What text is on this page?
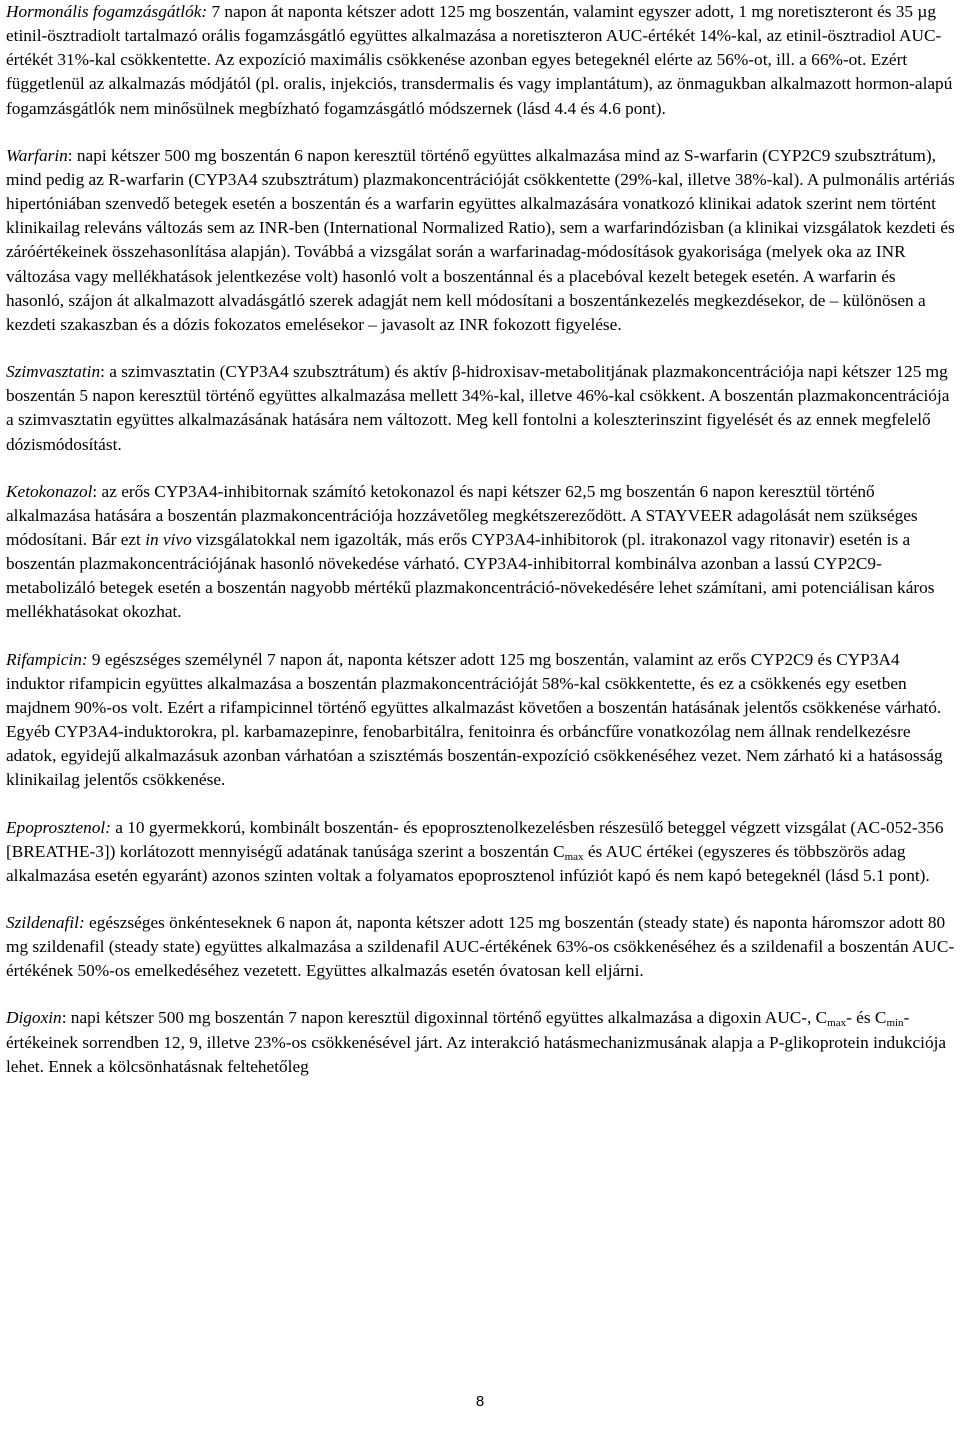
Hormonális fogamzásgátlók: 7 napon át naponta kétszer adott 125 mg boszentán, valamint egyszer adott, 1 mg noretiszteront és 35 µg etinil-ösztradiolt tartalmazó orális fogamzásgátló együttes alkalmazása a noretiszteron AUC-értékét 14%-kal, az etinil-ösztradiol AUC-értékét 31%-kal csökkentette. Az expozíció maximális csökkenése azonban egyes betegeknél elérte az 56%-ot, ill. a 66%-ot. Ezért függetlenül az alkalmazás módjától (pl. oralis, injekciós, transdermalis és vagy implantátum), az önmagukban alkalmazott hormon-alapú fogamzásgátlók nem minősülnek megbízható fogamzásgátló módszernek (lásd 4.4 és 4.6 pont).

Warfarin: napi kétszer 500 mg boszentán 6 napon keresztül történő együttes alkalmazása mind az S-warfarin (CYP2C9 szubsztrátum), mind pedig az R-warfarin (CYP3A4 szubsztrátum) plazmakoncentrációját csökkentette (29%-kal, illetve 38%-kal). A pulmonális artériás hipertóniában szenvedő betegek esetén a boszentán és a warfarin együttes alkalmazására vonatkozó klinikai adatok szerint nem történt klinikailag releváns változás sem az INR-ben (International Normalized Ratio), sem a warfarindózisban (a klinikai vizsgálatok kezdeti és záróértékeinek összehasonlítása alapján). Továbbá a vizsgálat során a warfarinadag-módosítások gyakorisága (melyek oka az INR változása vagy mellékhatások jelentkezése volt) hasonló volt a boszentánnal és a placebóval kezelt betegek esetén. A warfarin és hasonló, szájon át alkalmazott alvadásgátló szerek adagját nem kell módosítani a boszentánkezelés megkezdésekor, de – különösen a kezdeti szakaszban és a dózis fokozatos emelésekor – javasolt az INR fokozott figyelése.

Szimvasztatin: a szimvasztatin (CYP3A4 szubsztrátum) és aktív β-hidroxisav-metabolitjának plazmakoncentrációja napi kétszer 125 mg boszentán 5 napon keresztül történő együttes alkalmazása mellett 34%-kal, illetve 46%-kal csökkent. A boszentán plazmakoncentrációja a szimvasztatin együttes alkalmazásának hatására nem változott. Meg kell fontolni a koleszterinszint figyelését és az ennek megfelelő dózismódosítást.

Ketokonazol: az erős CYP3A4-inhibitornak számító ketokonazol és napi kétszer 62,5 mg boszentán 6 napon keresztül történő alkalmazása hatására a boszentán plazmakoncentrációja hozzávetőleg megkétszereződött. A STAYVEER adagolását nem szükséges módosítani. Bár ezt in vivo vizsgálatokkal nem igazolták, más erős CYP3A4-inhibitorok (pl. itrakonazol vagy ritonavir) esetén is a boszentán plazmakoncentrációjának hasonló növekedése várható. CYP3A4-inhibitorral kombinálva azonban a lassú CYP2C9-metabolizáló betegek esetén a boszentán nagyobb mértékű plazmakoncentráció-növekedésére lehet számítani, ami potenciálisan káros mellékhatásokat okozhat.

Rifampicin: 9 egészséges személynél 7 napon át, naponta kétszer adott 125 mg boszentán, valamint az erős CYP2C9 és CYP3A4 induktor rifampicin együttes alkalmazása a boszentán plazmakoncentrációját 58%-kal csökkentette, és ez a csökkenés egy esetben majdnem 90%-os volt. Ezért a rifampicinnel történő együttes alkalmazást követően a boszentán hatásának jelentős csökkenése várható. Egyéb CYP3A4-induktorokra, pl. karbamazepinre, fenobarbitálra, fenitoinra és orbáncfűre vonatkozólag nem állnak rendelkezésre adatok, egyidejű alkalmazásuk azonban várhatóan a szisztémás boszentán-expozíció csökkenéséhez vezet. Nem zárható ki a hatásosság klinikailag jelentős csökkenése.

Epoprosztenol: a 10 gyermekkorú, kombinált boszentán- és epoprosztenolkezelésben részesülő beteggel végzett vizsgálat (AC-052-356 [BREATHE-3]) korlátozott mennyiségű adatának tanúsága szerint a boszentán $C_{max}$ és AUC értékei (egyszeres és többszörös adag alkalmazása esetén egyaránt) azonos szinten voltak a folyamatos epoprosztenol infúziót kapó és nem kapó betegeknél (lásd 5.1 pont).

Szildenafil: egészséges önkénteseknek 6 napon át, naponta kétszer adott 125 mg boszentán (steady state) és naponta háromszor adott 80 mg szildenafil (steady state) együttes alkalmazása a szildenafil AUC-értékének 63%-os csökkenéséhez és a szildenafil a boszentán AUC-értékének 50%-os emelkedéséhez vezetett. Együttes alkalmazás esetén óvatosan kell eljárni.

Digoxin: napi kétszer 500 mg boszentán 7 napon keresztül digoxinnal történő együttes alkalmazása a digoxin AUC-, $C_{max}-$ és $C_{min}$-értékeinek sorrendben 12, 9, illetve 23%-os csökkenésével járt. Az interakció hatásmechanizmusának alapja a P-glikoprotein indukciója lehet. Ennek a kölcsönhatásnak feltehetőleg

8
